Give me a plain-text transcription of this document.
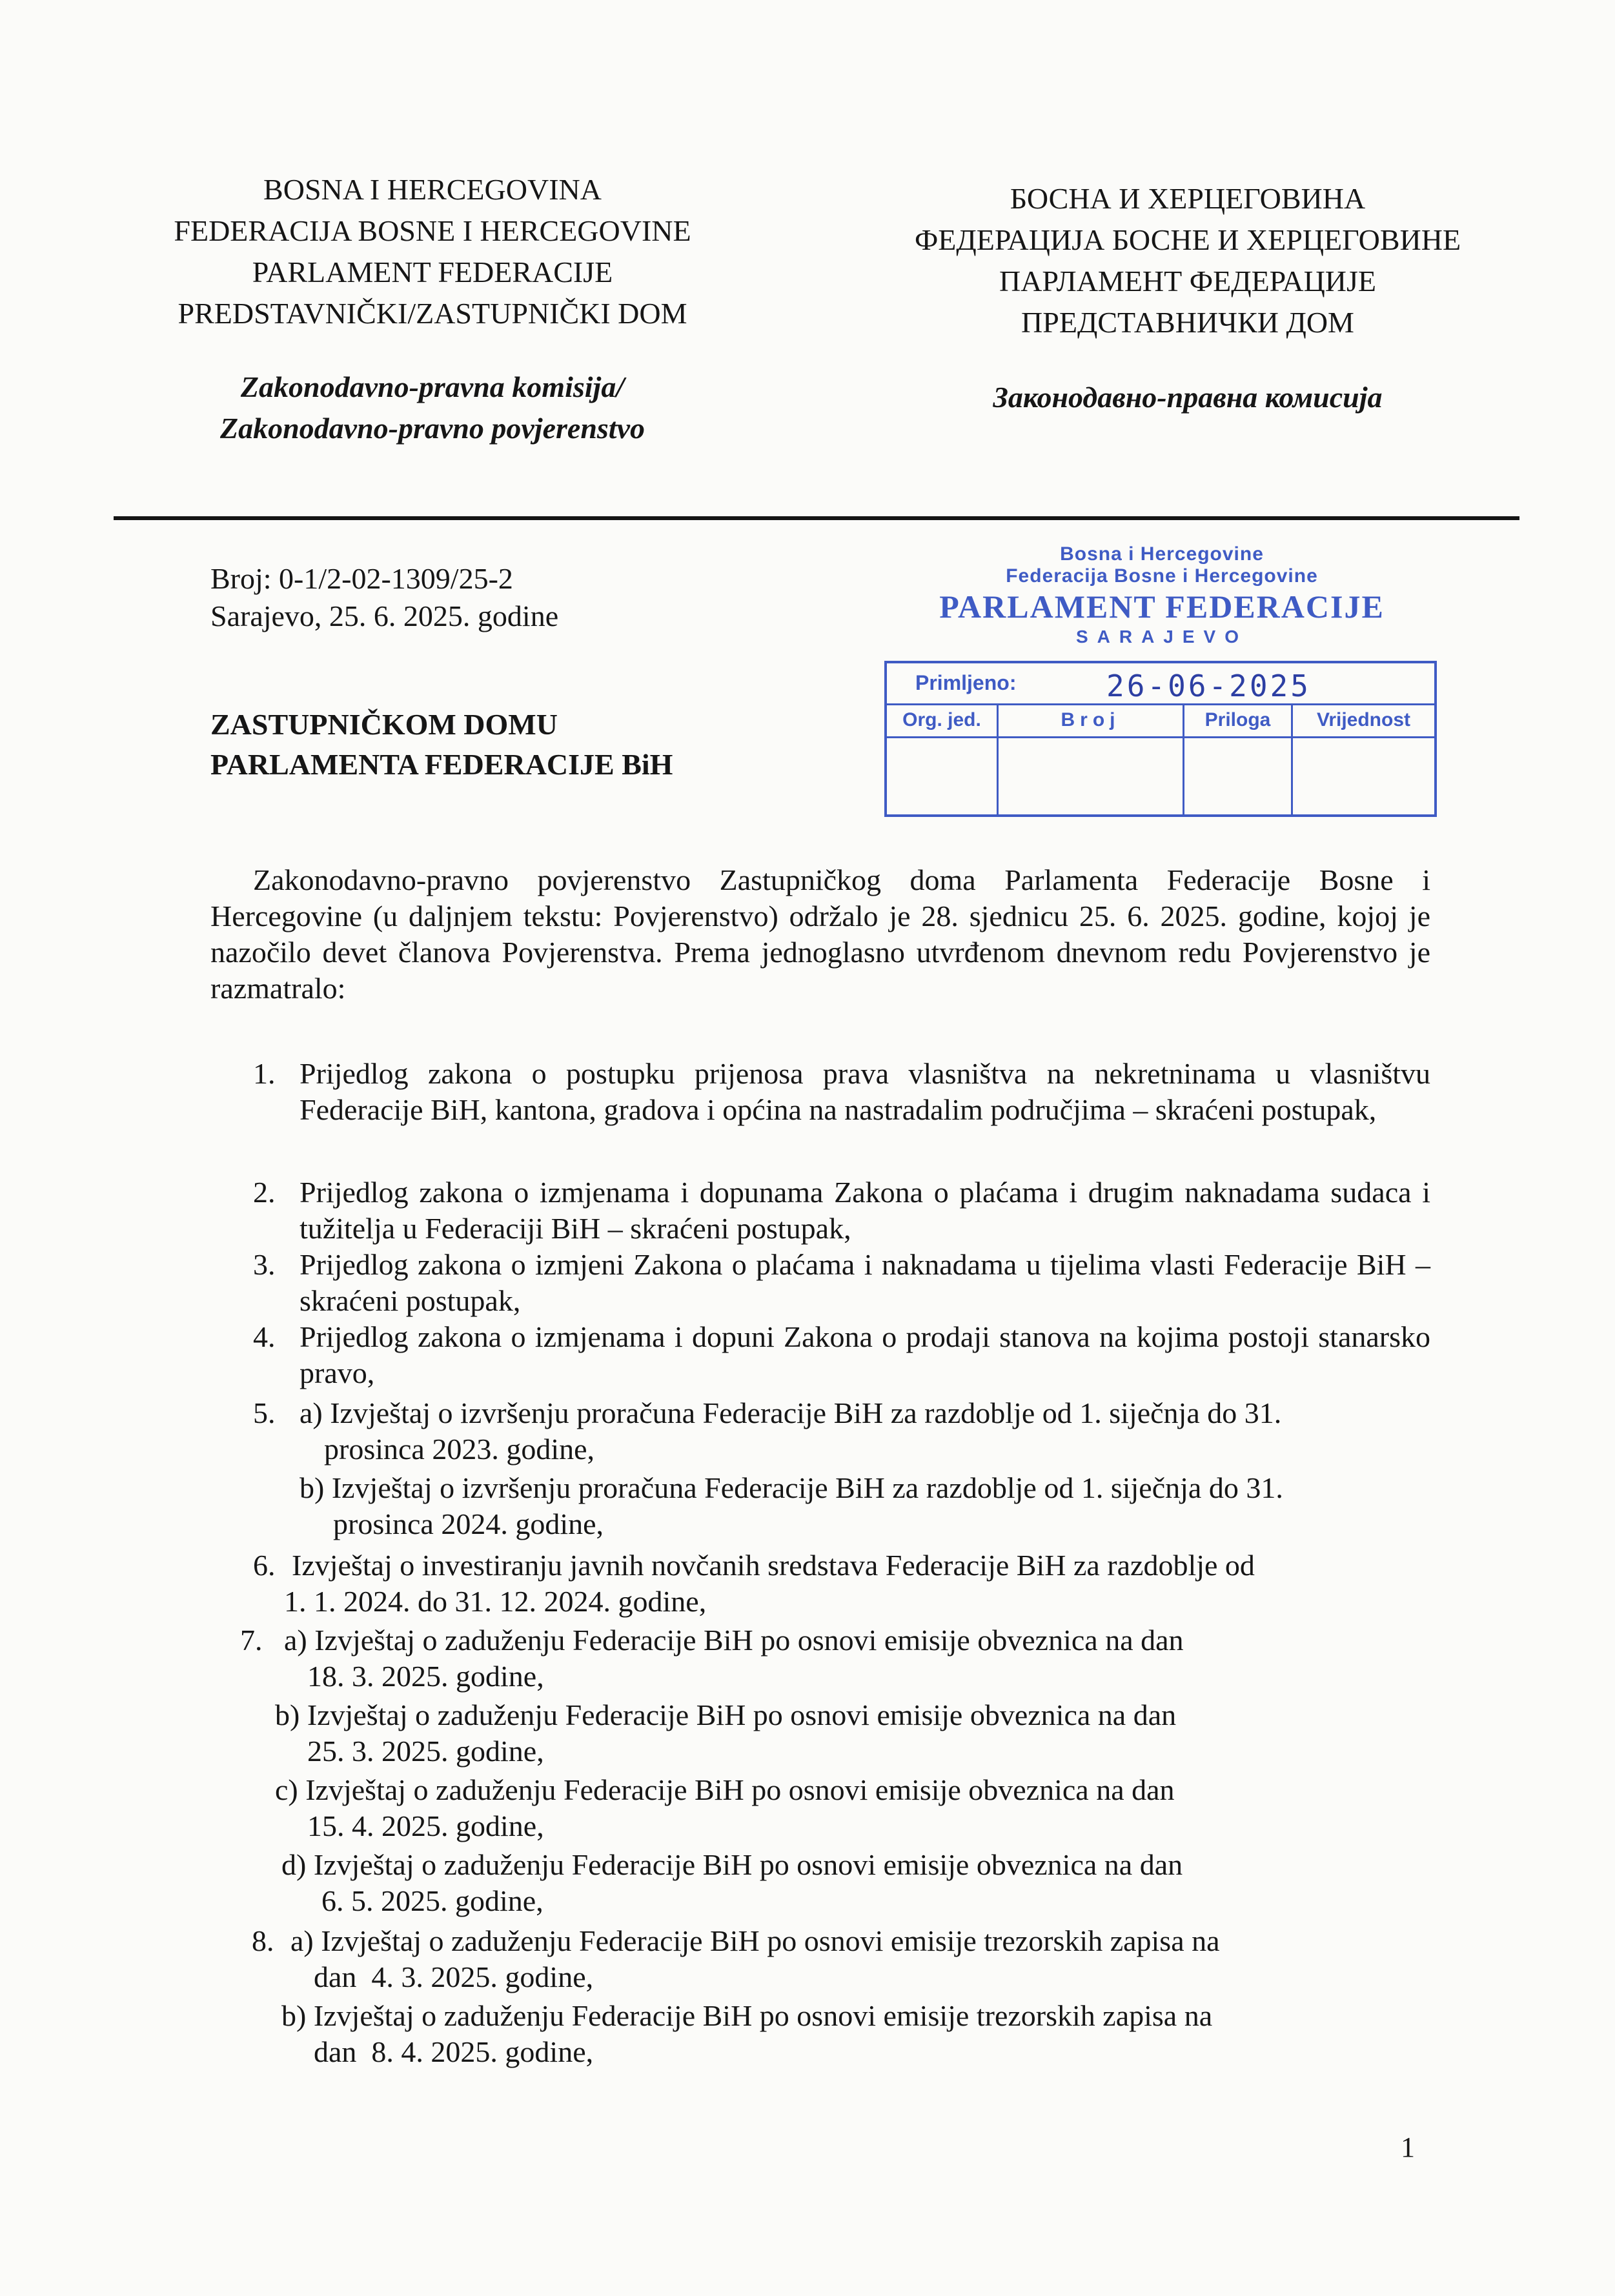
BOSNA I HERCEGOVINA
FEDERACIJA BOSNE I HERCEGOVINE
PARLAMENT FEDERACIJE
PREDSTAVNIČKI/ZASTUPNIČKI DOM
Zakonodavno-pravna komisija/
Zakonodavno-pravno povjerenstvo
БОСНА И ХЕРЦЕГОВИНА
ФЕДЕРАЦИЈА БОСНЕ И ХЕРЦЕГОВИНЕ
ПАРЛАМЕНТ ФЕДЕРАЦИЈЕ
ПРЕДСТАВНИЧКИ ДОМ
Законодавно-правна комисија
Broj: 0-1/2-02-1309/25-2
Sarajevo, 25. 6. 2025. godine
Bosna i Hercegovine
Federacija Bosne i Hercegovine
PARLAMENT FEDERACIJE
SARAJEVO
Primljeno:	26-06-2025
Org. jed.	Broj	Priloga	Vrijednost
ZASTUPNIČKOM DOMU
PARLAMENTA FEDERACIJE BiH
Zakonodavno-pravno povjerenstvo Zastupničkog doma Parlamenta Federacije Bosne i Hercegovine (u daljnjem tekstu: Povjerenstvo) održalo je 28. sjednicu 25. 6. 2025. godine, kojoj je nazočilo devet članova Povjerenstva. Prema jednoglasno utvrđenom dnevnom redu Povjerenstvo je razmatralo:
1. Prijedlog zakona o postupku prijenosa prava vlasništva na nekretninama u vlasništvu Federacije BiH, kantona, gradova i općina na nastradalim područjima – skraćeni postupak,
2. Prijedlog zakona o izmjenama i dopunama Zakona o plaćama i drugim naknadama sudaca i tužitelja u Federaciji BiH – skraćeni postupak,
3. Prijedlog zakona o izmjeni Zakona o plaćama i naknadama u tijelima vlasti Federacije BiH – skraćeni postupak,
4. Prijedlog zakona o izmjenama i dopuni Zakona o prodaji stanova na kojima postoji stanarsko pravo,
5. a) Izvještaj o izvršenju proračuna Federacije BiH za razdoblje od 1. siječnja do 31.
prosinca 2023. godine,
b) Izvještaj o izvršenju proračuna Federacije BiH za razdoblje od 1. siječnja do 31.
prosinca 2024. godine,
6. Izvještaj o investiranju javnih novčanih sredstava Federacije BiH za razdoblje od
1. 1. 2024. do 31. 12. 2024. godine,
7. a) Izvještaj o zaduženju Federacije BiH po osnovi emisije obveznica na dan
18. 3. 2025. godine,
b) Izvještaj o zaduženju Federacije BiH po osnovi emisije obveznica na dan
25. 3. 2025. godine,
c) Izvještaj o zaduženju Federacije BiH po osnovi emisije obveznica na dan
15. 4. 2025. godine,
d) Izvještaj o zaduženju Federacije BiH po osnovi emisije obveznica na dan
6. 5. 2025. godine,
8. a) Izvještaj o zaduženju Federacije BiH po osnovi emisije trezorskih zapisa na
dan  4. 3. 2025. godine,
b) Izvještaj o zaduženju Federacije BiH po osnovi emisije trezorskih zapisa na
dan  8. 4. 2025. godine,
1
